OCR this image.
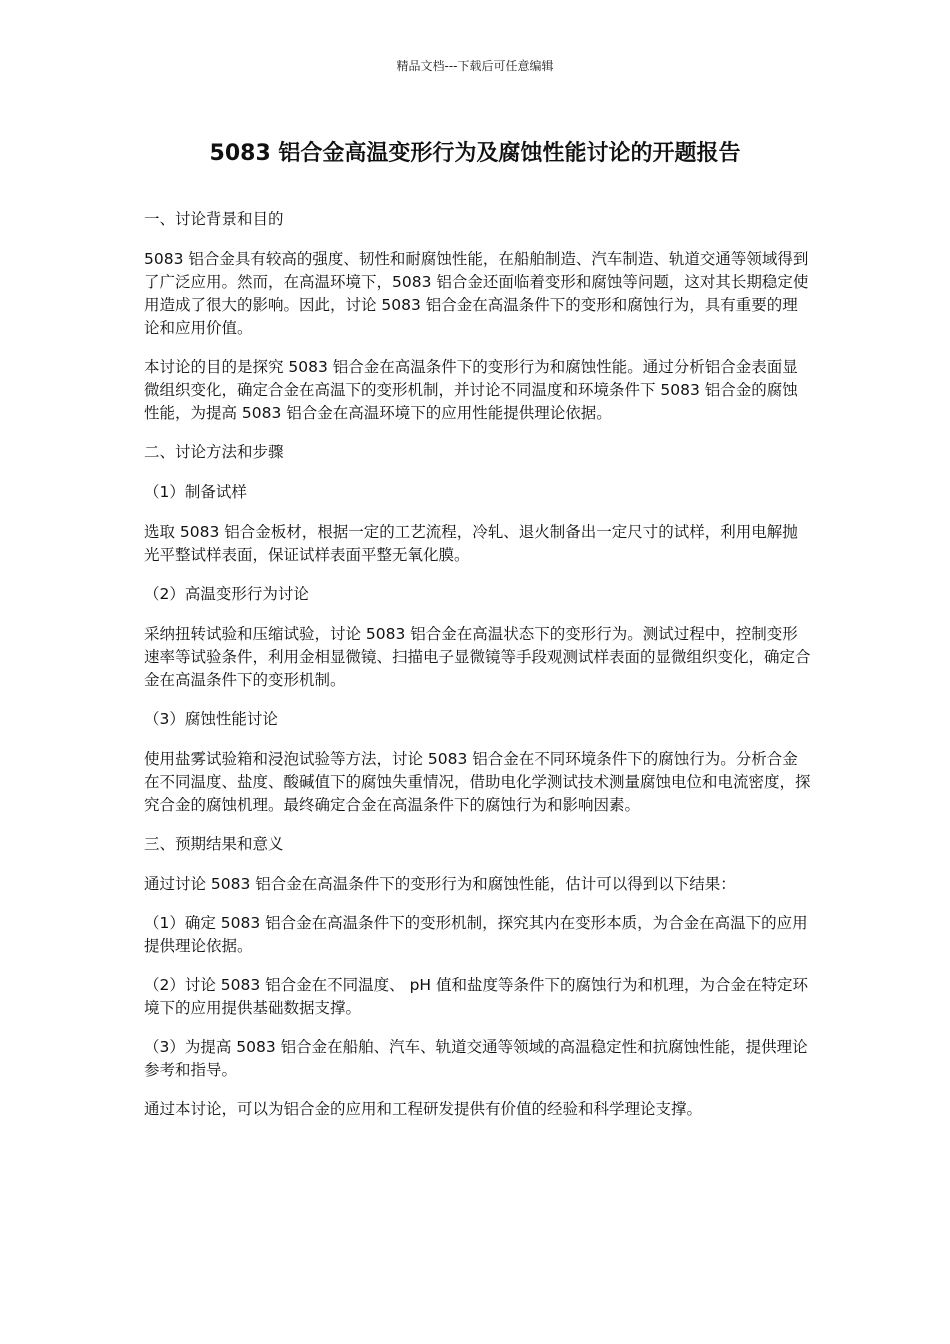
精品文档---下载后可任意编辑
5083 铝合金高温变形行为及腐蚀性能讨论的开题报告

一、讨论背景和目的

5083 铝合金具有较高的强度、韧性和耐腐蚀性能，在船舶制造、汽车制造、轨道交通等领域得到了广泛应用。然而，在高温环境下，5083 铝合金还面临着变形和腐蚀等问题，这对其长期稳定使用造成了很大的影响。因此，讨论 5083 铝合金在高温条件下的变形和腐蚀行为，具有重要的理论和应用价值。

本讨论的目的是探究 5083 铝合金在高温条件下的变形行为和腐蚀性能。通过分析铝合金表面显微组织变化，确定合金在高温下的变形机制，并讨论不同温度和环境条件下 5083 铝合金的腐蚀性能，为提高 5083 铝合金在高温环境下的应用性能提供理论依据。

二、讨论方法和步骤

（1）制备试样

选取 5083 铝合金板材，根据一定的工艺流程，冷轧、退火制备出一定尺寸的试样，利用电解抛光平整试样表面，保证试样表面平整无氧化膜。

（2）高温变形行为讨论

采纳扭转试验和压缩试验，讨论 5083 铝合金在高温状态下的变形行为。测试过程中，控制变形速率等试验条件，利用金相显微镜、扫描电子显微镜等手段观测试样表面的显微组织变化，确定合金在高温条件下的变形机制。

（3）腐蚀性能讨论

使用盐雾试验箱和浸泡试验等方法，讨论 5083 铝合金在不同环境条件下的腐蚀行为。分析合金在不同温度、盐度、酸碱值下的腐蚀失重情况，借助电化学测试技术测量腐蚀电位和电流密度，探究合金的腐蚀机理。最终确定合金在高温条件下的腐蚀行为和影响因素。

三、预期结果和意义

通过讨论 5083 铝合金在高温条件下的变形行为和腐蚀性能，估计可以得到以下结果：

（1）确定 5083 铝合金在高温条件下的变形机制，探究其内在变形本质，为合金在高温下的应用提供理论依据。

（2）讨论 5083 铝合金在不同温度、 pH 值和盐度等条件下的腐蚀行为和机理，为合金在特定环境下的应用提供基础数据支撑。

（3）为提高 5083 铝合金在船舶、汽车、轨道交通等领域的高温稳定性和抗腐蚀性能，提供理论参考和指导。

通过本讨论，可以为铝合金的应用和工程研发提供有价值的经验和科学理论支撑。
